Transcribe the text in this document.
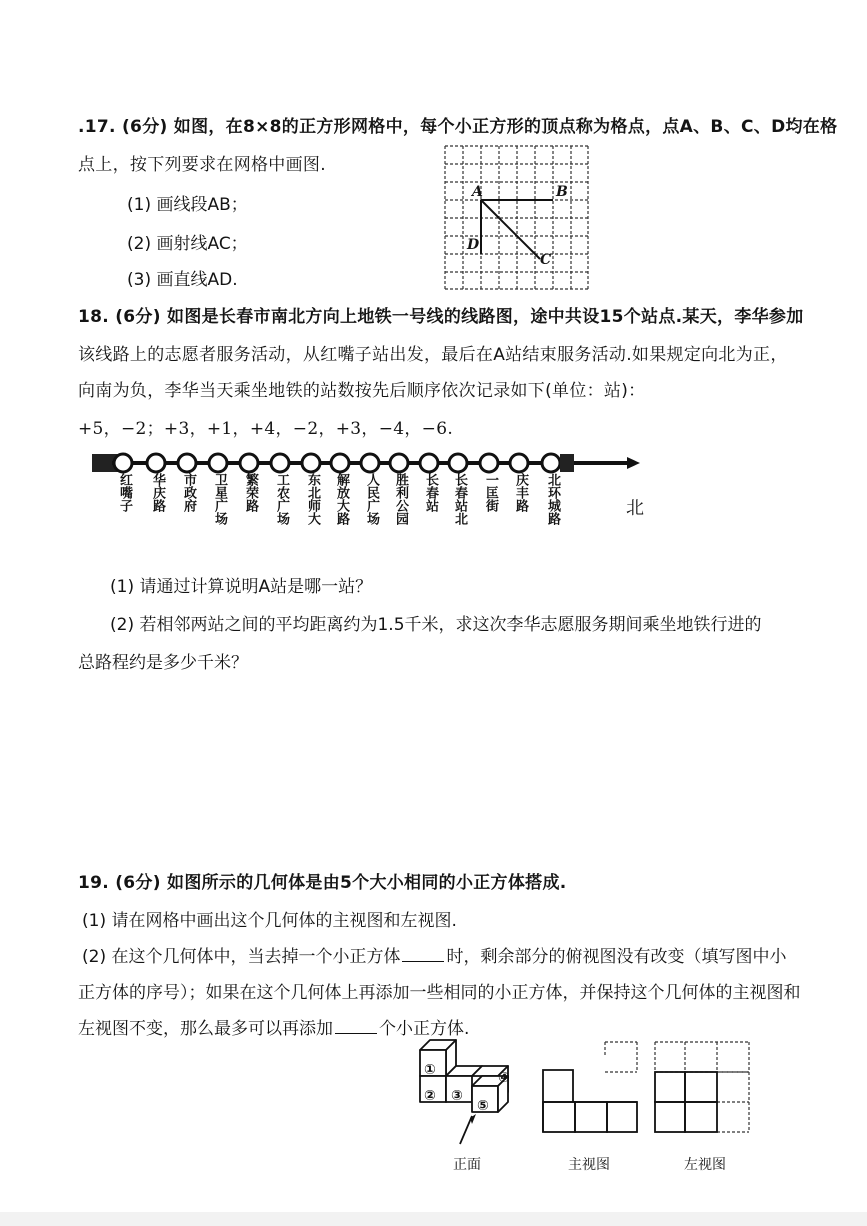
.17. (6分) 如图，在8×8的正方形网格中，每个小正方形的顶点称为格点，点A、B、C、D均在格
点上，按下列要求在网格中画图.
(1) 画线段AB；
(2) 画射线AC；
(3) 画直线AD.
A	B
C
D
18. (6分) 如图是长春市南北方向上地铁一号线的线路图，途中共设15个站点.某天，李华参加
该线路上的志愿者服务活动，从红嘴子站出发，最后在A站结束服务活动.如果规定向北为正，
向南为负，李华当天乘坐地铁的站数按先后顺序依次记录如下(单位：站)：
+5，−2；+3，+1，+4，−2，+3，−4，−6.
红嘴子 华庆路 市政府 卫星广场 繁荣路 工农广场 东北师大 解放大路 人民广场 胜利公园 长春站 长春站北 一匡街 庆丰路 北环城路	北
(1) 请通过计算说明A站是哪一站？
(2) 若相邻两站之间的平均距离约为1.5千米，求这次李华志愿服务期间乘坐地铁行进的
总路程约是多少千米？
19. (6分) 如图所示的几何体是由5个大小相同的小正方体搭成.
(1) 请在网格中画出这个几何体的主视图和左视图.
(2) 在这个几何体中，当去掉一个小正方体	时，剩余部分的俯视图没有改变（填写图中小
正方体的序号）；如果在这个几何体上再添加一些相同的小正方体，并保持这个几何体的主视图和
左视图不变，那么最多可以再添加	个小正方体.
①
② ③
④
⑤
正面	主视图	左视图
